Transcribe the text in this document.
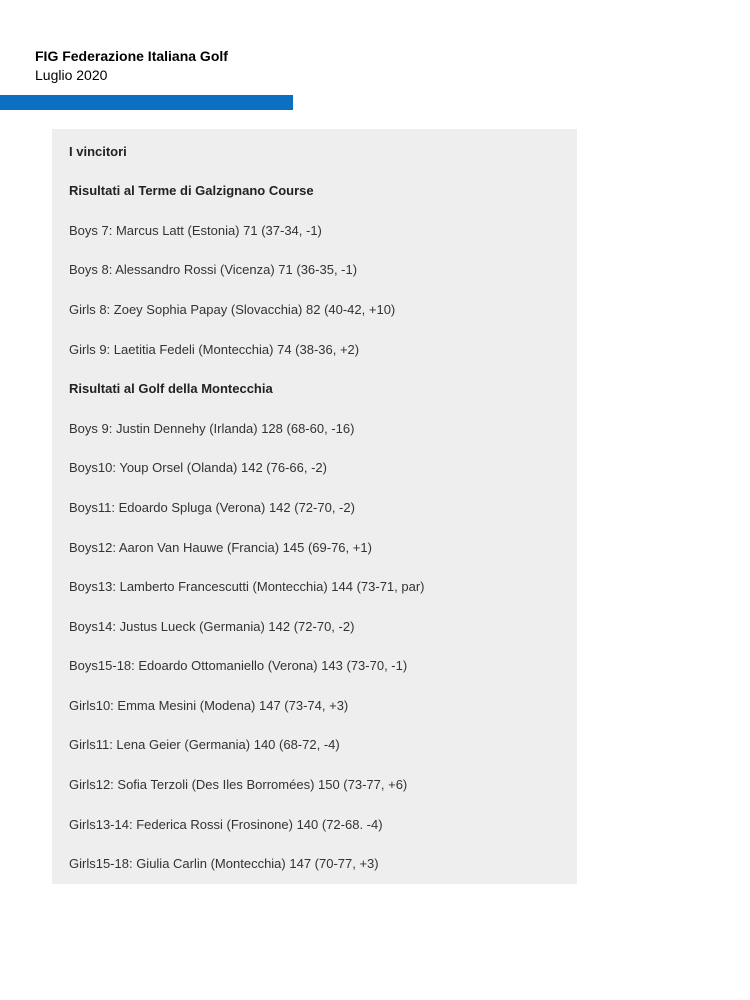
FIG Federazione Italiana Golf
Luglio 2020
I vincitori
Risultati al Terme di Galzignano Course
Boys 7: Marcus Latt (Estonia) 71 (37-34, -1)
Boys 8: Alessandro Rossi (Vicenza) 71 (36-35, -1)
Girls 8: Zoey Sophia Papay (Slovacchia) 82 (40-42, +10)
Girls 9: Laetitia Fedeli (Montecchia) 74 (38-36, +2)
Risultati al Golf della Montecchia
Boys 9: Justin Dennehy (Irlanda) 128 (68-60, -16)
Boys10: Youp Orsel (Olanda) 142 (76-66, -2)
Boys11: Edoardo Spluga (Verona) 142 (72-70, -2)
Boys12: Aaron Van Hauwe (Francia) 145 (69-76, +1)
Boys13: Lamberto Francescutti (Montecchia) 144 (73-71, par)
Boys14: Justus Lueck (Germania) 142 (72-70, -2)
Boys15-18: Edoardo Ottomaniello (Verona) 143 (73-70, -1)
Girls10: Emma Mesini (Modena) 147 (73-74, +3)
Girls11: Lena Geier (Germania) 140 (68-72, -4)
Girls12: Sofia Terzoli (Des Iles Borromées) 150 (73-77, +6)
Girls13-14: Federica Rossi (Frosinone) 140 (72-68. -4)
Girls15-18: Giulia Carlin (Montecchia) 147 (70-77, +3)
